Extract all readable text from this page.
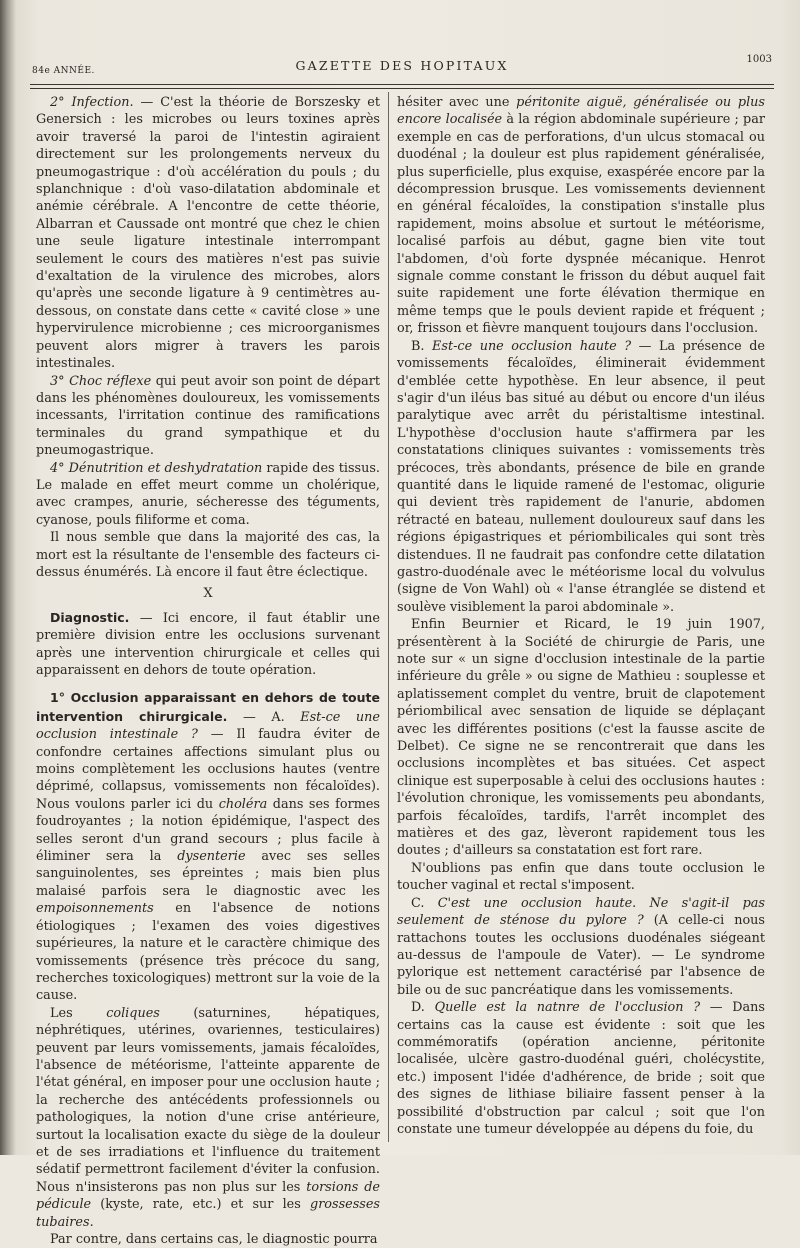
84e ANNÉE.	GAZETTE DES HOPITAUX	1003

2° Infection. — C'est la théorie de Borszesky et Genersich : les microbes ou leurs toxines après avoir traversé la paroi de l'intestin agiraient directement sur les prolongements nerveux du pneumogastrique : d'où accélération du pouls ; du splanchnique : d'où vaso-dilatation abdominale et anémie cérébrale. A l'encontre de cette théorie, Albarran et Caussade ont montré que chez le chien une seule ligature intestinale interrompant seulement le cours des matières n'est pas suivie d'exaltation de la virulence des microbes, alors qu'après une seconde ligature à 9 centimètres au-dessous, on constate dans cette « cavité close » une hypervirulence microbienne ; ces microorganismes peuvent alors migrer à travers les parois intestinales.

3° Choc réflexe qui peut avoir son point de départ dans les phénomènes douloureux, les vomissements incessants, l'irritation continue des ramifications terminales du grand sympathique et du pneumogastrique.

4° Dénutrition et deshydratation rapide des tissus. Le malade en effet meurt comme un cholérique, avec crampes, anurie, sécheresse des téguments, cyanose, pouls filiforme et coma.

Il nous semble que dans la majorité des cas, la mort est la résultante de l'ensemble des facteurs ci-dessus énumérés. Là encore il faut être éclectique.

X

Diagnostic. — Ici encore, il faut établir une première division entre les occlusions survenant après une intervention chirurgicale et celles qui apparaissent en dehors de toute opération.

1° Occlusion apparaissant en dehors de toute intervention chirurgicale. — A. Est-ce une occlusion intestinale ? — Il faudra éviter de confondre certaines affections simulant plus ou moins complètement les occlusions hautes (ventre déprimé, collapsus, vomissements non fécaloïdes). Nous voulons parler ici du choléra dans ses formes foudroyantes ; la notion épidémique, l'aspect des selles seront d'un grand secours ; plus facile à éliminer sera la dysenterie avec ses selles sanguinolentes, ses épreintes ; mais bien plus malaisé parfois sera le diagnostic avec les empoisonnements en l'absence de notions étiologiques ; l'examen des voies digestives supérieures, la nature et le caractère chimique des vomissements (présence très précoce du sang, recherches toxicologiques) mettront sur la voie de la cause.

Les coliques (saturnines, hépatiques, néphrétiques, utérines, ovariennes, testiculaires) peuvent par leurs vomissements, jamais fécaloïdes, l'absence de météorisme, l'atteinte apparente de l'état général, en imposer pour une occlusion haute ; la recherche des antécédents professionnels ou pathologiques, la notion d'une crise antérieure, surtout la localisation exacte du siège de la douleur et de ses irradiations et l'influence du traitement sédatif permettront facilement d'éviter la confusion. Nous n'insisterons pas non plus sur les torsions de pédicule (kyste, rate, etc.) et sur les grossesses tubaires.

Par contre, dans certains cas, le diagnostic pourra

hésiter avec une péritonite aiguë, généralisée ou plus encore localisée à la région abdominale supérieure ; par exemple en cas de perforations, d'un ulcus stomacal ou duodénal ; la douleur est plus rapidement généralisée, plus superficielle, plus exquise, exaspérée encore par la décompression brusque. Les vomissements deviennent en général fécaloïdes, la constipation s'installe plus rapidement, moins absolue et surtout le météorisme, localisé parfois au début, gagne bien vite tout l'abdomen, d'où forte dyspnée mécanique. Henrot signale comme constant le frisson du début auquel fait suite rapidement une forte élévation thermique en même temps que le pouls devient rapide et fréquent ; or, frisson et fièvre manquent toujours dans l'occlusion.

B. Est-ce une occlusion haute ? — La présence de vomissements fécaloïdes, éliminerait évidemment d'emblée cette hypothèse. En leur absence, il peut s'agir d'un iléus bas situé au début ou encore d'un iléus paralytique avec arrêt du péristaltisme intestinal. L'hypothèse d'occlusion haute s'affirmera par les constatations cliniques suivantes : vomissements très précoces, très abondants, présence de bile en grande quantité dans le liquide ramené de l'estomac, oligurie qui devient très rapidement de l'anurie, abdomen rétracté en bateau, nullement douloureux sauf dans les régions épigastriques et périombilicales qui sont très distendues. Il ne faudrait pas confondre cette dilatation gastro-duodénale avec le météorisme local du volvulus (signe de Von Wahl) où « l'anse étranglée se distend et soulève visiblement la paroi abdominale ».

Enfin Beurnier et Ricard, le 19 juin 1907, présentèrent à la Société de chirurgie de Paris, une note sur « un signe d'occlusion intestinale de la partie inférieure du grêle » ou signe de Mathieu : souplesse et aplatissement complet du ventre, bruit de clapotement périombilical avec sensation de liquide se déplaçant avec les différentes positions (c'est la fausse ascite de Delbet). Ce signe ne se rencontrerait que dans les occlusions incomplètes et bas situées. Cet aspect clinique est superposable à celui des occlusions hautes : l'évolution chronique, les vomissements peu abondants, parfois fécaloïdes, tardifs, l'arrêt incomplet des matières et des gaz, lèveront rapidement tous les doutes ; d'ailleurs sa constatation est fort rare.

N'oublions pas enfin que dans toute occlusion le toucher vaginal et rectal s'imposent.

C. C'est une occlusion haute. Ne s'agit-il pas seulement de sténose du pylore ? (A celle-ci nous rattachons toutes les occlusions duodénales siégeant au-dessus de l'ampoule de Vater). — Le syndrome pylorique est nettement caractérisé par l'absence de bile ou de suc pancréatique dans les vomissements.

D. Quelle est la natnre de l'occlusion ? — Dans certains cas la cause est évidente : soit que les commémoratifs (opération ancienne, péritonite localisée, ulcère gastro-duodénal guéri, cholécystite, etc.) imposent l'idée d'adhérence, de bride ; soit que des signes de lithiase biliaire fassent penser à la possibilité d'obstruction par calcul ; soit que l'on constate une tumeur développée au dépens du foie, du
